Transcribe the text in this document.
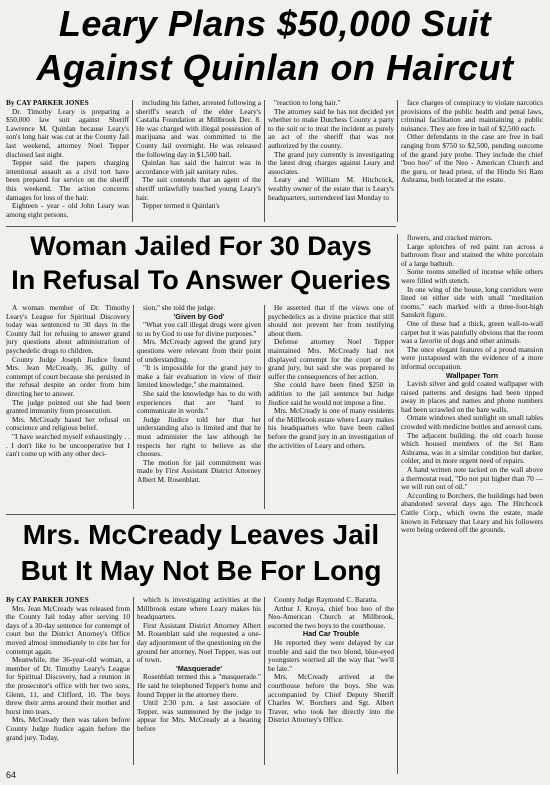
Leary Plans $50,000 Suit
Against Quinlan on Haircut

By CAY PARKER JONES

Dr. Timothy Leary is preparing a $50,000 law suit against Sheriff Lawrence M. Quinlan because Leary's son's long hair was cut at the County Jail last weekend, attorney Noel Tepper disclosed last night.

Tepper said the papers charging intentional assault as a civil tort have been prepared for service on the sheriff this weekend. The action concerns damages for loss of the hair.

Eighteen - year - old John Leary was among eight persons,

including his father, arrested following a sheriff's search of the elder Leary's Castalia Foundation at Millbrook Dec. 8. He was charged with illegal possession of marijuana and was committed to the County Jail overnight. He was released the following day in $1,500 bail.

Quinlan has said the haircut was in accordance with jail sanitary rules.

The suit contends that an agent of the sheriff unlawfully touched young Leary's hair.

Tepper termed it Quinlan's

"reaction to long hair."

The attorney said he has not decided yet whether to make Dutchess County a party to the suit or to treat the incident as purely an act of the sheriff that was not authorized by the county.

The grand jury currently is investigating the latest drug charges against Leary and associates.

Leary and William M. Hitchcock, wealthy owner of the estate that is Leary's headquarters, surrendered last Monday to

face charges of conspiracy to violate narcotics provisions of the public health and penal laws, criminal facilitation and maintaining a public nuisance. They are free in bail of $2,500 each.

Other defendants in the case are free in bail ranging from $750 to $2,500, pending outcome of the grand jury probe. They include the chief "boo hoo" of the Neo - American Church and the guru, or head priest, of the Hindu Sri Ram Ashrama, both located at the estate.

Woman Jailed For 30 Days
In Refusal To Answer Queries

A woman member of Dr. Timothy Leary's League for Spiritual Discovery today was sentenced to 30 days in the County Jail for refusing to answer grand jury questions about administration of psychedelic drugs to children.

County Judge Joseph Jiudice found Mrs. Jean McCready, 36, guilty of contempt of court because she persisted in the refusal despite an order from him directing her to answer.

The judge pointed out she had been granted immunity from prosecution.

Mrs. McCready based her refusal on conscience and religious belief.

"I have searched myself exhaustingly . . . I don't like to be uncooperative but I can't come up with any other deci-

sion," she told the judge.

'Given by God'

"What you call illegal drugs were given to us by God to use for divine purposes."

Mrs. McCready agreed the grand jury questions were relevant from their point of understanding.

"It is impossible for the grand jury to make a fair evaluation in view of their limited knowledge," she maintained.

She said the knowledge has to do with experiences that are "hard to communicate in words."

Judge Jiudice told her that her understanding also is limited and that he must administer the law although he respects her right to believe as she chooses.

The motion for jail commitment was made by First Assistant District Attorney Albert M. Rosenblatt.

He asserted that if the views one of psychedelics as a divine practice that still should not prevent her from testifying about them.

Defense attorney Noel Tepper maintained Mrs. McCready had not displayed contempt for the court or the grand jury, but said she was prepared to suffer the consequences of her action.

She could have been fined $250 in addition to the jail sentence but Judge Jiudice said he would not impose a fine.

Mrs. McCready is one of many residents of the Millbrook estate where Leary makes his headquarters who have been called before the grand jury in an investigation of the activities of Leary and others.

Mrs. McCready Leaves Jail
But It May Not Be For Long

By CAY PARKER JONES

Mrs. Jean McCready was released from the County Jail today after serving 10 days of a 30-day sentence for contempt of court but the District Attorney's Office moved almost immediately to cite her for contempt again.

Meanwhile, the 36-year-old woman, a member of Dr. Timothy Leary's League for Spiritual Discovery, had a reunion in the prosecutor's office with her two sons, Glenn, 11, and Clifford, 10. The boys threw their arms around their mother and burst into tears.

Mrs. McCready then was taken before County Judge Jiudice again before the grand jury. Today,

which is investigating activities at the Millbrook estate where Leary makes his headquarters.

First Assistant District Attorney Albert M. Rosenblatt said she requested a one-day adjournment of the questioning on the ground her attorney, Noel Tepper, was out of town.

'Masquerade'

Rosenblatt termed this a "masquerade." He said he telephoned Tepper's home and found Tepper in the attorney there.

Until 2:30 p.m. a last associate of Tepper, was summoned by the judge to appear for Mrs. McCready at a hearing before

County Judge Raymond C. Baratta.

Arthur J. Kroya, chief boo hoo of the Neo-American Church at Millbrook, escorted the two boys to the courthouse.

Had Car Trouble

He reported they were delayed by car trouble and said the two blond, blue-eyed youngsters worried all the way that "we'll be late."

Mrs. McCready arrived at the courthouse before the boys. She was accompanied by Chief Deputy Sheriff Charles W. Borchers and Sgt. Albert Traver, who took her directly into the District Attorney's Office.

flowers, and cracked mirrors.

Large splotches of red paint ran across a bathroom floor and stained the white porcelain of a large bathtub.

Some rooms smelled of incense while others were filled with stench.

In one wing of the house, long corridors were lined on either side with small "meditation rooms," each marked with a three-foot-high Sanskrit figure.

One of these had a thick, green wall-to-wall carpet but it was painfully obvious that the room was a favorite of dogs and other animals.

The once elegant features of a proud mansion were juxtaposed with the evidence of a more informal occupation.

Wallpaper Torn

Lavish silver and gold coated wallpaper with raised patterns and designs had been ripped away in places and names and phone numbers had been scrawled on the bare walls.

Ornate windows shed sunlight on small tables crowded with medicine bottles and aerosol cans.

The adjacent building, the old coach house which housed members of the Sri Ram Ashrama, was in a similar condition but darker, colder, and in more urgent need of repairs.

A hand written note tacked on the wall above a thermostat read, "Do not put higher than 70 — we will run out of oil."

According to Borchers, the buildings had been abandoned several days ago. The Hitchcock Cattle Corp., which owns the estate, made known in February that Leary and his followers were being ordered off the grounds.

64
